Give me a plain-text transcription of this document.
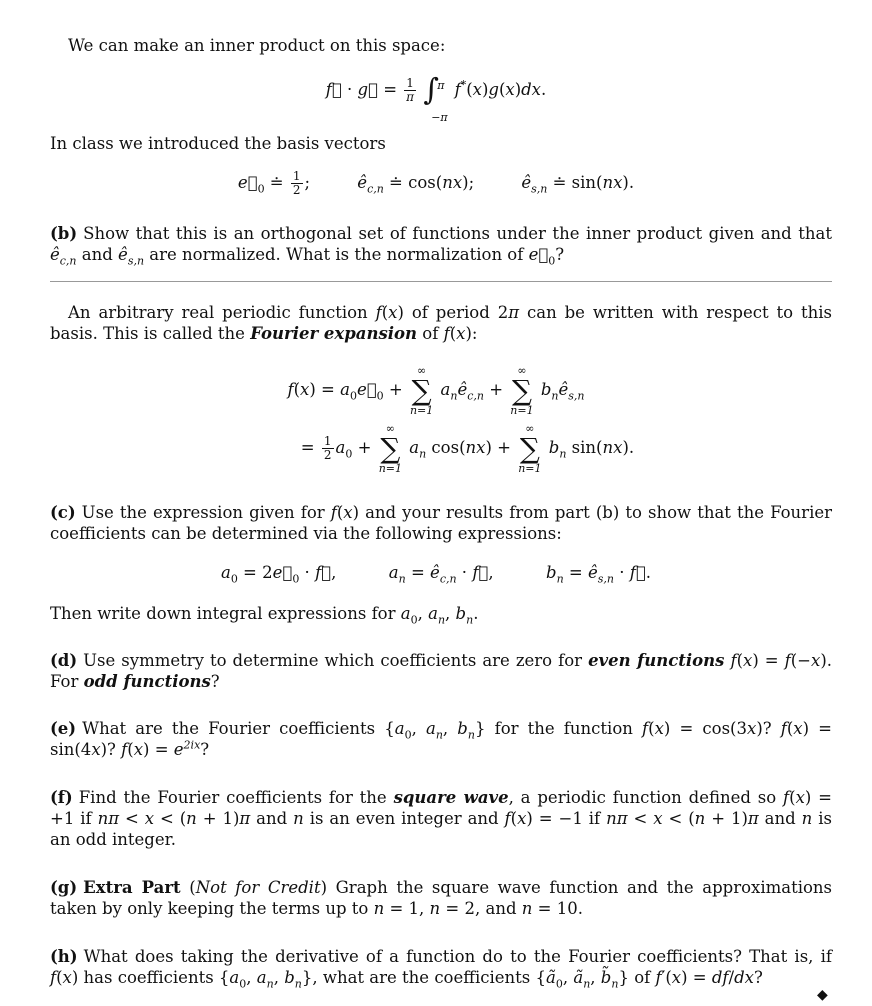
We can make an inner product on this space:

f⃗ · g⃗ = $\frac{1}{\pi}$ ∫
π
−π
f*(x)g(x)dx.

In class we introduced the basis vectors

$e⃗_0$ ≐ $\frac{1}{2}$ ;         $ê_{c,n}$ ≐ cos(nx);         $ê_{s,n}$ ≐ sin(nx).

(b) Show that this is an orthogonal set of functions under the inner product given and that $ê_{c,n}$ and $ê_{s,n}$ are normalized. What is the normalization of $e⃗_0$?

An arbitrary real periodic function f(x) of period 2π can be written with respect to this basis. This is called the Fourier expansion of f(x):

$f(x) = a_0e⃗_0$ +
∞
∑
n=1
$a_nê_{c,n}$ +
∞
∑
n=1
$b_nê_{s,n}$

= $\frac{1}{2} a_0$ +
∞
∑
n=1
$a_n$ cos(nx) +
∞
∑
n=1
$b_n$ sin(nx).

(c) Use the expression given for f(x) and your results from part (b) to show that the Fourier coefficients can be determined via the following expressions:

$a_0$ = $2e⃗_0$ · f⃗,          $a_n$ = $ê_{c,n}$ · f⃗,          $b_n$ = $ê_{s,n}$ · f⃗.

Then write down integral expressions for $a_0$, $a_n$, $b_n$.

(d) Use symmetry to determine which coefficients are zero for even functions f(x) = f(−x). For odd functions?

(e) What are the Fourier coefficients {$a_0$, $a_n$, $b_n$} for the function f(x) = cos(3x)? f(x) = sin(4x)? $f(x) = e^{2ix}$?

(f) Find the Fourier coefficients for the square wave, a periodic function defined so f(x) = +1 if nπ < x < (n + 1)π and n is an even integer and f(x) = −1 if nπ < x < (n + 1)π and n is an odd integer.

(g) Extra Part (Not for Credit) Graph the square wave function and the approximations taken by only keeping the terms up to n = 1, n = 2, and n = 10.

(h) What does taking the derivative of a function do to the Fourier coefficients? That is, if f(x) has coefficients {$a_0$, $a_n$, $b_n$}, what are the coefficients {$ã_0$, $ã_n$, $b̃_n$} of f′(x) = df/dx?

◆
